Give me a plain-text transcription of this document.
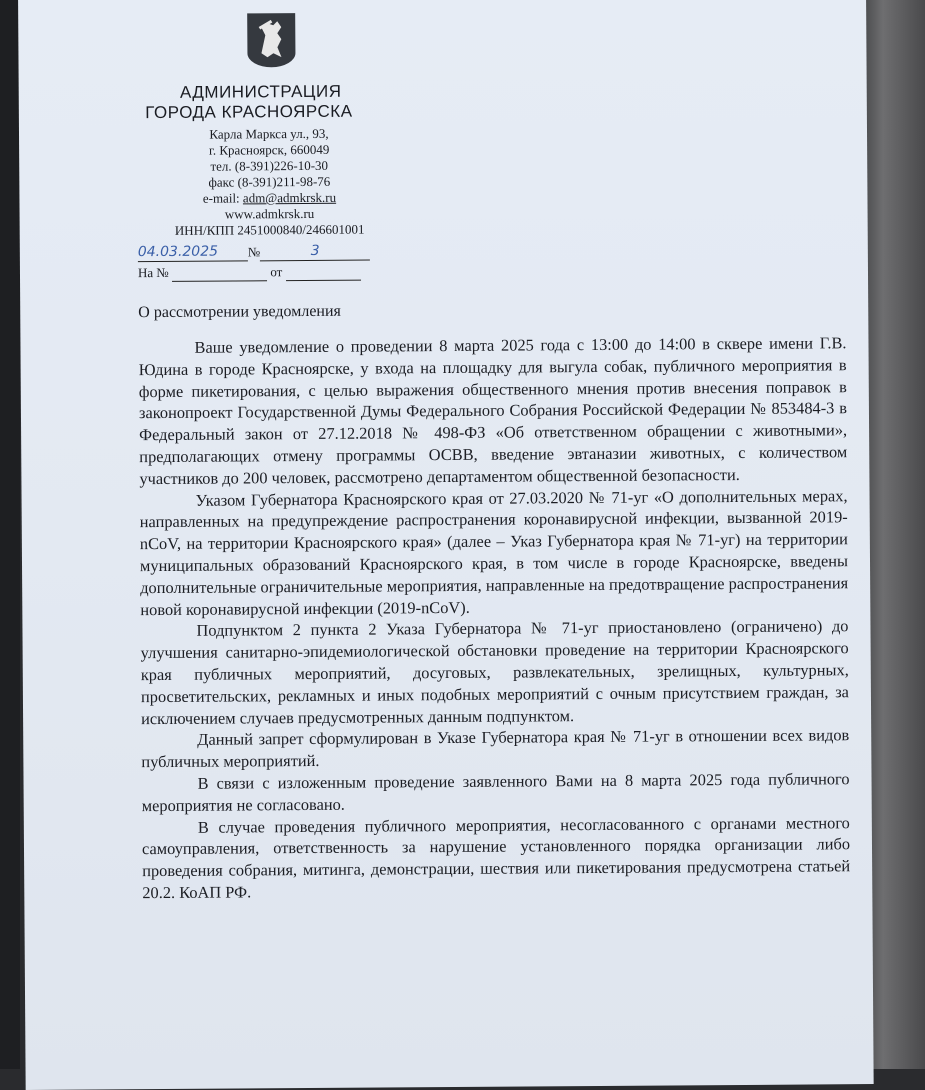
АДМИНИСТРАЦИЯ
ГОРОДА КРАСНОЯРСКА
Карла Маркса ул., 93,
г. Красноярск, 660049
тел. (8-391)226-10-30
факс (8-391)211-98-76
e-mail: adm@admkrsk.ru
www.admkrsk.ru
ИНН/КПП 2451000840/246601001
04.03.2025 №	3
На №	от
О рассмотрении уведомления

Ваше уведомление о проведении 8 марта 2025 года с 13:00 до 14:00 в сквере имени Г.В. Юдина в городе Красноярске, у входа на площадку для выгула собак, публичного мероприятия в форме пикетирования, с целью выражения общественного мнения против внесения поправок в законопроект Государственной Думы Федерального Собрания Российской Федерации № 853484-3 в Федеральный закон от 27.12.2018 № 498-ФЗ «Об ответственном обращении с животными», предполагающих отмену программы ОСВВ, введение эвтаназии животных, с количеством участников до 200 человек, рассмотрено департаментом общественной безопасности.

Указом Губернатора Красноярского края от 27.03.2020 № 71-уг «О дополнительных мерах, направленных на предупреждение распространения коронавирусной инфекции, вызванной 2019-nCoV, на территории Красноярского края» (далее – Указ Губернатора края № 71-уг) на территории муниципальных образований Красноярского края, в том числе в городе Красноярске, введены дополнительные ограничительные мероприятия, направленные на предотвращение распространения новой коронавирусной инфекции (2019-nCoV).

Подпунктом 2 пункта 2 Указа Губернатора № 71-уг приостановлено (ограничено) до улучшения санитарно-эпидемиологической обстановки проведение на территории Красноярского края публичных мероприятий, досуговых, развлекательных, зрелищных, культурных, просветительских, рекламных и иных подобных мероприятий с очным присутствием граждан, за исключением случаев предусмотренных данным подпунктом.

Данный запрет сформулирован в Указе Губернатора края № 71-уг в отношении всех видов публичных мероприятий.

В связи с изложенным проведение заявленного Вами на 8 марта 2025 года публичного мероприятия не согласовано.

В случае проведения публичного мероприятия, несогласованного с органами местного самоуправления, ответственность за нарушение установленного порядка организации либо проведения собрания, митинга, демонстрации, шествия или пикетирования предусмотрена статьей 20.2. КоАП РФ.
